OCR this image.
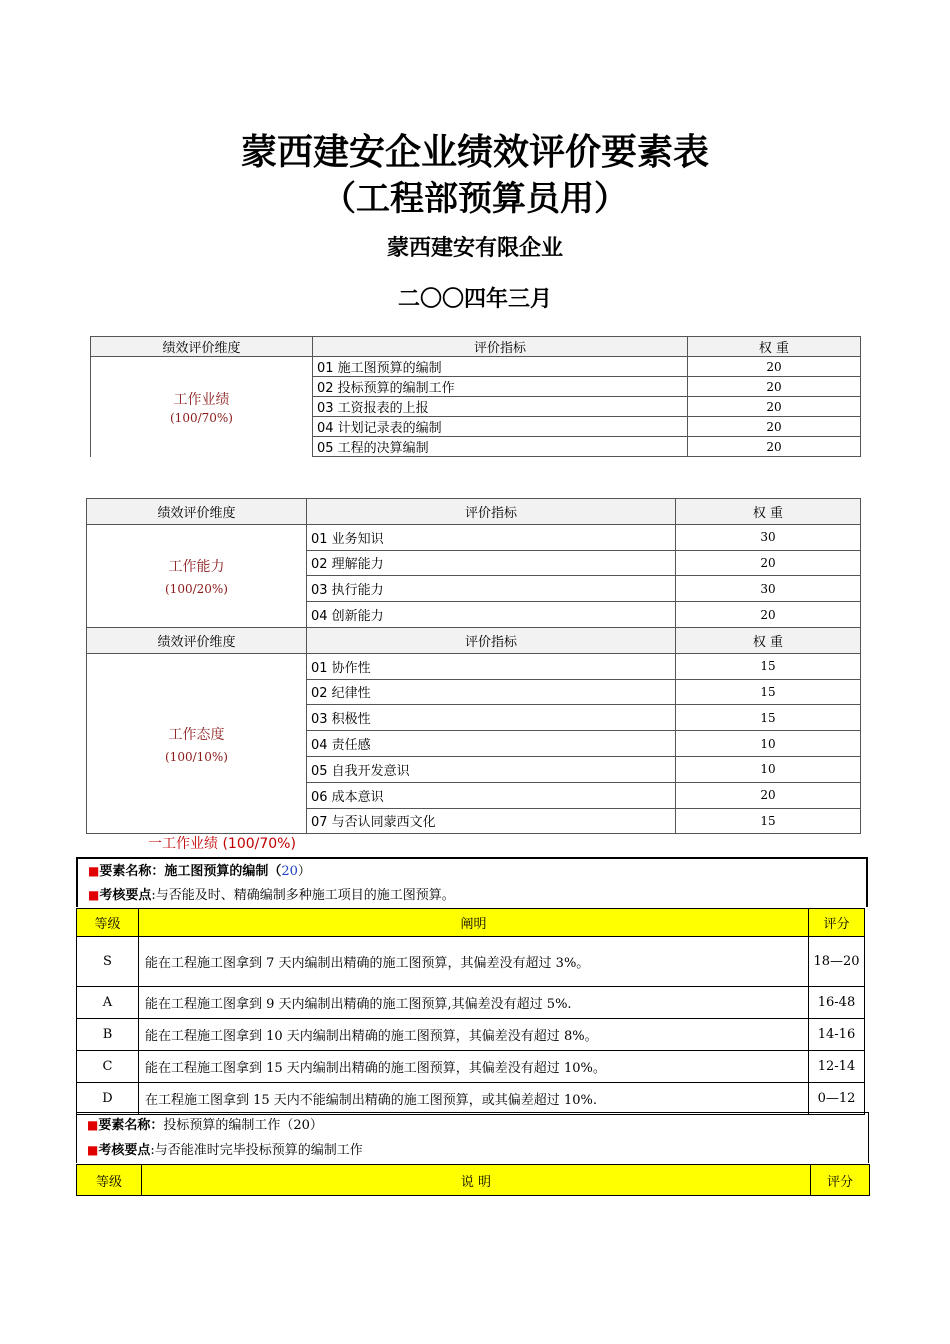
蒙西建安企业绩效评价要素表
（工程部预算员用）
蒙西建安有限企业
二〇〇四年三月
绩效评价维度	评价指标	权 重

工作业绩
(100/70%)	01 施工图预算的编制	20
	02 投标预算的编制工作	20
	03 工资报表的上报	20
	04 计划记录表的编制	20
	05 工程的决算编制	20
绩效评价维度	评价指标	权 重

工作能力
(100/20%)	01 业务知识	30
	02 理解能力	20
	03 执行能力	30
	04 创新能力	20
绩效评价维度	评价指标	权 重

工作态度
(100/10%)	01 协作性	15
	02 纪律性	15
	03 积极性	15
	04 责任感	10
	05 自我开发意识	10
	06 成本意识	20
	07 与否认同蒙西文化	15
一工作业绩 (100/70%)
■要素名称：施工图预算的编制（20）
■考核要点:与否能及时、精确编制多种施工项目的施工图预算。
等级	阐明	评分
S	能在工程施工图拿到 7 天内编制出精确的施工图预算，其偏差没有超过 3%。	18—20
A	能在工程施工图拿到 9 天内编制出精确的施工图预算,其偏差没有超过 5%.	16-48
B	能在工程施工图拿到 10 天内编制出精确的施工图预算，其偏差没有超过 8%。	14-16
C	能在工程施工图拿到 15 天内编制出精确的施工图预算，其偏差没有超过 10%。	12-14
D	在工程施工图拿到 15 天内不能编制出精确的施工图预算，或其偏差超过 10%.	0—12
■要素名称：投标预算的编制工作（20）
■考核要点:与否能准时完毕投标预算的编制工作
等级	说 明	评分
